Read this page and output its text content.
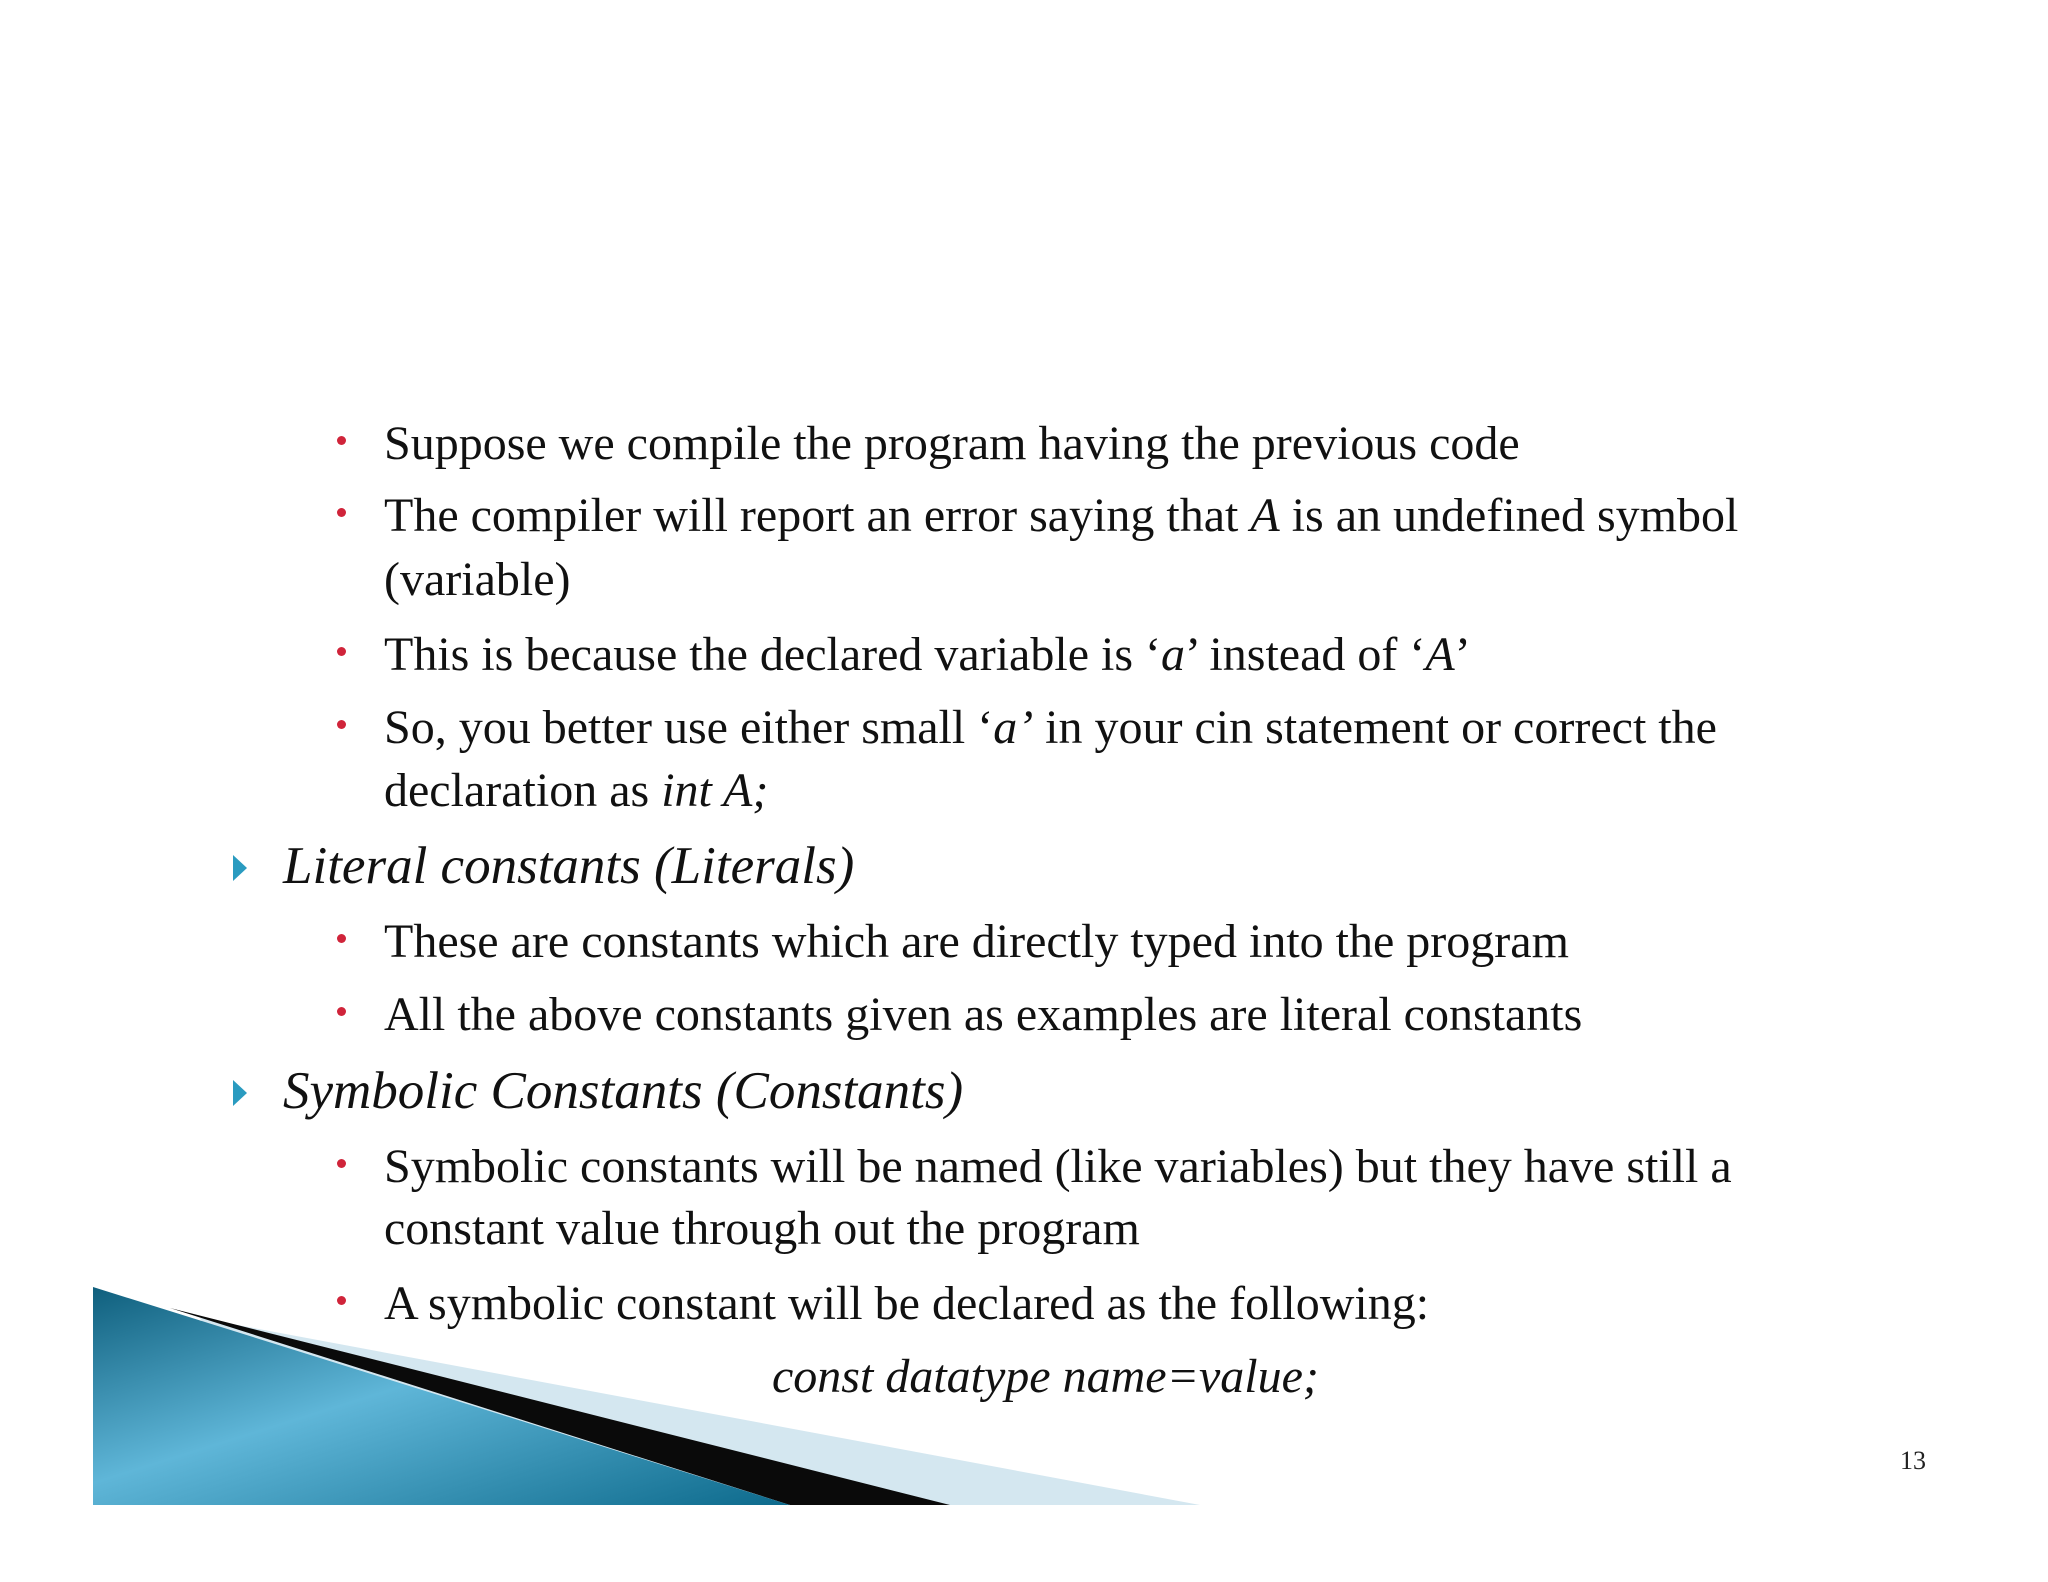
Suppose we compile the program having the previous code
The compiler will report an error saying that A is an undefined symbol
(variable)
This is because the declared variable is ‘a’ instead of ‘A’
So, you better use either small ‘a’ in your cin statement or correct the
declaration as int A;
Literal constants (Literals)
These are constants which are directly typed into the program
All the above constants given as examples are literal constants
Symbolic Constants (Constants)
Symbolic constants will be named (like variables) but they have still a
constant value through out the program
A symbolic constant will be declared as the following:
const datatype name=value;
13
